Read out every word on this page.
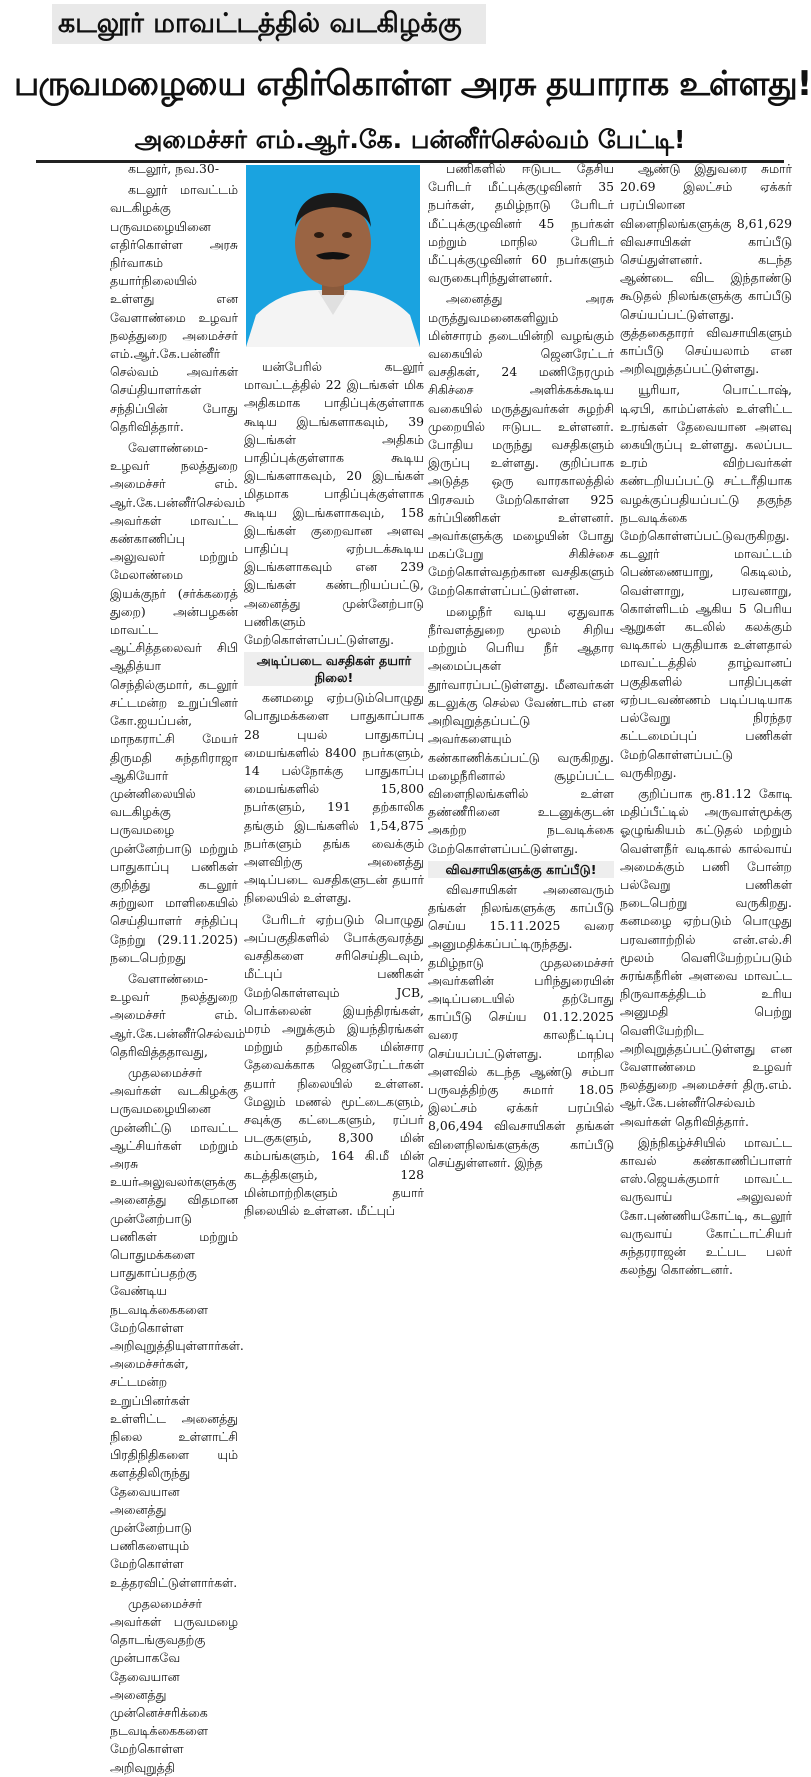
கடலூர் மாவட்டத்தில் வடகிழக்கு
பருவமழையை எதிர்கொள்ள அரசு தயாராக உள்ளது!
அமைச்சர் எம்.ஆர்.கே. பன்னீர்செல்வம் பேட்டி!

கடலூர், நவ.30-

கடலூர் மாவட்டம் வடகிழக்கு பருவமழையினை எதிர்கொள்ள அரசு நிர்வாகம் தயார்நிலையில் உள்ளது என வேளாண்மை உழவர் நலத்துறை அமைச்சர் எம்.ஆர்.கே.பன்னீர் செல்வம் அவர்கள் செய்தியாளர்கள் சந்திப்பின் போது தெரிவித்தார்.

வேளாண்மை-உழவர் நலத்துறை அமைச்சர் எம். ஆர்.கே.பன்னீர்செல்வம் அவர்கள் மாவட்ட கண்காணிப்பு அலுவலர் மற்றும் மேலாண்மை இயக்குநர் (சர்க்கரைத் துறை) அன்பழகன் மாவட்ட ஆட்சித்தலைவர் சிபி ஆதித்யா செந்தில்குமார், கடலூர் சட்டமன்ற உறுப்பினர் கோ.ஐயப்பன், மாநகராட்சி மேயர் திருமதி சுந்தரிராஜா ஆகியோர் முன்னிலையில் வடகிழக்கு பருவமழை முன்னேற்பாடு மற்றும் பாதுகாப்பு பணிகள் குறித்து கடலூர் சுற்றுலா மாளிகையில் செய்தியாளர் சந்திப்பு நேற்று (29.11.2025) நடைபெற்றது

வேளாண்மை-உழவர் நலத்துறை அமைச்சர் எம். ஆர்.கே.பன்னீர்செல்வம் தெரிவித்ததாவது,

முதலமைச்சர் அவர்கள் வடகிழக்கு பருவமழையினை முன்னிட்டு மாவட்ட ஆட்சியர்கள் மற்றும் அரசு உயர்அலுவலர்களுக்கு அனைத்து விதமான முன்னேற்பாடு பணிகள் மற்றும் பொதுமக்களை பாதுகாப்பதற்கு வேண்டிய நடவடிக்கைகளை மேற்கொள்ள அறிவுறுத்தியுள்ளார்கள். அமைச்சர்கள், சட்டமன்ற உறுப்பினர்கள் உள்ளிட்ட அனைத்து நிலை உள்ளாட்சி பிரதிநிதிகளை யும் களத்திலிருந்து தேவையான அனைத்து முன்னேற்பாடு பணிகளையும் மேற்கொள்ள உத்தரவிட்டுள்ளார்கள்.

முதலமைச்சர் அவர்கள் பருவமழை தொடங்குவதற்கு முன்பாகவே தேவையான அனைத்து முன்னெச்சரிக்கை நடவடிக்கைகளை மேற்கொள்ள அறிவுறுத்தி

யன்பேரில் கடலூர் மாவட்டத்தில் 22 இடங்கள் மிக அதிகமாக பாதிப்புக்குள்ளாக கூடிய இடங்களாகவும், 39 இடங்கள் அதிகம் பாதிப்புக்குள்ளாக கூடிய இடங்களாகவும், 20 இடங்கள் மிதமாக பாதிப்புக்குள்ளாக கூடிய இடங்களாகவும், 158 இடங்கள் குறைவான அளவு பாதிப்பு ஏற்படக்கூடிய இடங்களாகவும் என 239 இடங்கள் கண்டறியப்பட்டு, அனைத்து முன்னேற்பாடு பணிகளும் மேற்கொள்ளப்பட்டுள்ளது.

அடிப்படை வசதிகள் தயார் நிலை!

கனமழை ஏற்படும்பொழுது பொதுமக்களை பாதுகாப்பாக 28 புயல் பாதுகாப்பு மையங்களில் 8400 நபர்களும், 14 பல்நோக்கு பாதுகாப்பு மையங்களில் 15,800 நபர்களும், 191 தற்காலிக தங்கும் இடங்களில் 1,54,875 நபர்களும் தங்க வைக்கும் அளவிற்கு அனைத்து அடிப்படை வசதிகளுடன் தயார் நிலையில் உள்ளது.

பேரிடர் ஏற்படும் பொழுது அப்பகுதிகளில் போக்குவரத்து வசதிகளை சரிசெய்திடவும், மீட்புப் பணிகள் மேற்கொள்ளவும் JCB, பொக்லைன் இயந்திரங்கள், மரம் அறுக்கும் இயந்திரங்கள் மற்றும் தற்காலிக மின்சார தேவைக்காக ஜெனரேட்டர்கள் தயார் நிலையில் உள்ளன. மேலும் மணல் மூட்டைகளும், சவுக்கு கட்டைகளும், ரப்பர் படகுகளும், 8,300 மின் கம்பங்களும், 164 கி.மீ மின் கடத்திகளும், 128 மின்மாற்றிகளும் தயார் நிலையில் உள்ளன. மீட்புப்

பணிகளில் ஈடுபட தேசிய பேரிடர் மீட்புக்குழுவினர் 35 நபர்கள், தமிழ்நாடு பேரிடர் மீட்புக்குழுவினர் 45 நபர்கள் மற்றும் மாநில பேரிடர் மீட்புக்குழுவினர் 60 நபர்களும் வருகைபுரிந்துள்ளனர்.

அனைத்து அரசு மருத்துவமனைகளிலும் மின்சாரம் தடையின்றி வழங்கும் வகையில் ஜெனரேட்டர் வசதிகள், 24 மணிநேரமும் சிகிச்சை அளிக்கக்கூடிய வகையில் மருத்துவர்கள் சுழற்சி முறையில் ஈடுபட உள்ளனர். போதிய மருந்து வசதிகளும் இருப்பு உள்ளது. குறிப்பாக அடுத்த ஒரு வாரகாலத்தில் பிரசவம் மேற்கொள்ள 925 கர்ப்பிணிகள் உள்ளனர். அவர்களுக்கு மழையின் போது மகப்பேறு சிகிச்சை மேற்கொள்வதற்கான வசதிகளும் மேற்கொள்ளப்பட்டுள்ளன.

மழைநீர் வடிய ஏதுவாக நீர்வளத்துறை மூலம் சிறிய மற்றும் பெரிய நீர் ஆதார அமைப்புகள் தூர்வாரப்பட்டுள்ளது. மீனவர்கள் கடலுக்கு செல்ல வேண்டாம் என அறிவுறுத்தப்பட்டு அவர்களையும் கண்காணிக்கப்பட்டு வருகிறது. மழைநீரினால் சூழப்பட்ட விளைநிலங்களில் உள்ள தண்ணீரினை உடனுக்குடன் அகற்ற நடவடிக்கை மேற்கொள்ளப்பட்டுள்ளது.

விவசாயிகளுக்கு காப்பீடு!

விவசாயிகள் அனைவரும் தங்கள் நிலங்களுக்கு காப்பீடு செய்ய 15.11.2025 வரை அனுமதிக்கப்பட்டிருந்தது. தமிழ்நாடு முதலமைச்சர் அவர்களின் பரிந்துரையின் அடிப்படையில் தற்போது காப்பீடு செய்ய 01.12.2025 வரை காலநீட்டிப்பு செய்யப்பட்டுள்ளது. மாநில அளவில் கடந்த ஆண்டு சம்பா பருவத்திற்கு சுமார் 18.05 இலட்சம் ஏக்கர் பரப்பில் 8,06,494 விவசாயிகள் தங்கள் விளைநிலங்களுக்கு காப்பீடு செய்துள்ளனர். இந்த

ஆண்டு இதுவரை சுமார் 20.69 இலட்சம் ஏக்கர் பரப்பிலான விளைநிலங்களுக்கு 8,61,629 விவசாயிகள் காப்பீடு செய்துள்ளனர். கடந்த ஆண்டை விட இந்தாண்டு கூடுதல் நிலங்களுக்கு காப்பீடு செய்யப்பட்டுள்ளது. குத்தகைதாரர் விவசாயிகளும் காப்பீடு செய்யலாம் என அறிவுறுத்தப்பட்டுள்ளது.

யூரியா, பொட்டாஷ், டிஏபி, காம்ப்ளக்ஸ் உள்ளிட்ட உரங்கள் தேவையான அளவு கையிருப்பு உள்ளது. கலப்பட உரம் விற்பவர்கள் கண்டறியப்பட்டு சட்டரீதியாக வழக்குப்பதியப்பட்டு தகுந்த நடவடிக்கை மேற்கொள்ளப்பட்டுவருகிறது. கடலூர் மாவட்டம் பெண்ணையாறு, கெடிலம், வெள்ளாறு, பரவனாறு, கொள்ளிடம் ஆகிய 5 பெரிய ஆறுகள் கடலில் கலக்கும் வடிகால் பகுதியாக உள்ளதால் மாவட்டத்தில் தாழ்வானப் பகுதிகளில் பாதிப்புகள் ஏற்படவண்ணம் படிப்படியாக பல்வேறு நிரந்தர கட்டமைப்புப் பணிகள் மேற்கொள்ளப்பட்டு வருகிறது.

குறிப்பாக ரூ.81.12 கோடி மதிப்பீட்டில் அருவாள்மூக்கு ஓழுங்கியம் கட்டுதல் மற்றும் வெள்ளநீர் வடிகால் கால்வாய் அமைக்கும் பணி போன்ற பல்வேறு பணிகள் நடைபெற்று வருகிறது. கனமழை ஏற்படும் பொழுது பரவனாற்றில் என்.எல்.சி மூலம் வெளியேற்றப்படும் சுரங்கநீரின் அளவை மாவட்ட நிருவாகத்திடம் உரிய அனுமதி பெற்று வெளியேற்றிட அறிவுறுத்தப்பட்டுள்ளது என வேளாண்மை உழவர் நலத்துறை அமைச்சர் திரு.எம். ஆர்.கே.பன்னீர்செல்வம் அவர்கள் தெரிவித்தார்.

இந்நிகழ்ச்சியில் மாவட்ட காவல் கண்காணிப்பாளர் எஸ்.ஜெயக்குமார் மாவட்ட வருவாய் அலுவலர் கோ.புண்ணியகோட்டி, கடலூர் வருவாய் கோட்டாட்சியர் சுந்தரராஜன் உட்பட பலர் கலந்து கொண்டனர்.
